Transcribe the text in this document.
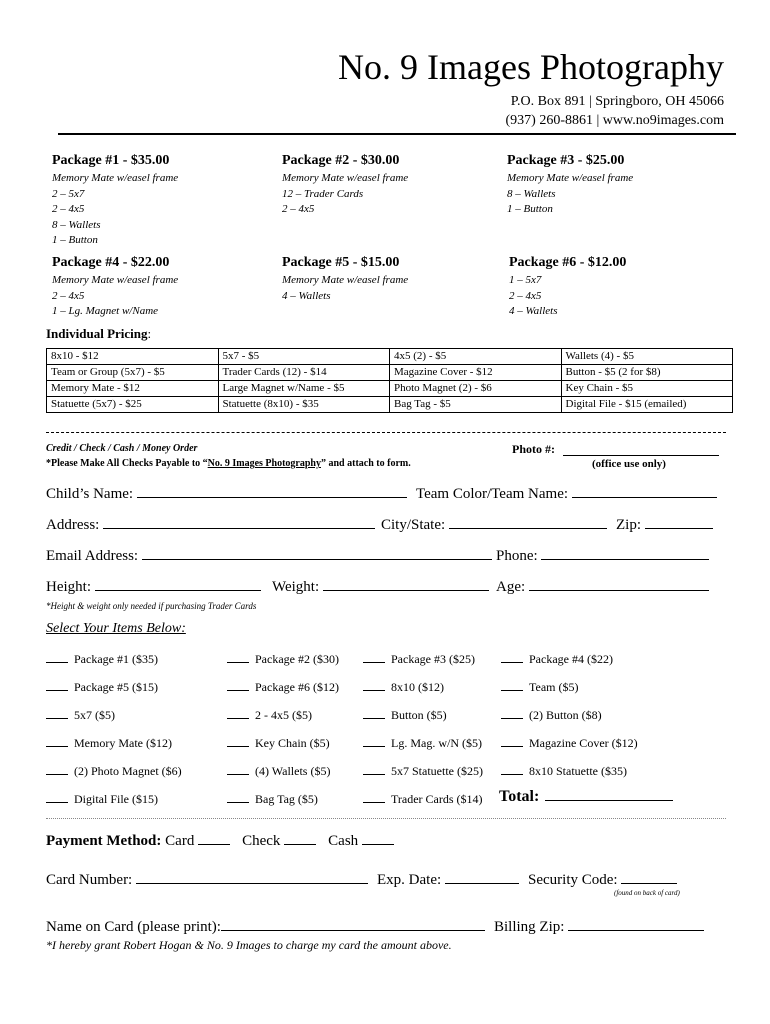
No. 9 Images Photography
P.O. Box 891 | Springboro, OH 45066
(937) 260-8861 | www.no9images.com
Package #1 - $35.00
Memory Mate w/easel frame
2 – 5x7
2 – 4x5
8 – Wallets
1 – Button
Package #2 - $30.00
Memory Mate w/easel frame
12 – Trader Cards
2 – 4x5
Package #3 - $25.00
Memory Mate w/easel frame
8 – Wallets
1 – Button
Package #4 - $22.00
Memory Mate w/easel frame
2 – 4x5
1 – Lg. Magnet w/Name
Package #5 - $15.00
Memory Mate w/easel frame
4 – Wallets
Package #6 - $12.00
1 – 5x7
2 – 4x5
4 – Wallets
Individual Pricing:
8x10 - $12	5x7 - $5	4x5 (2) - $5	Wallets (4) - $5
Team or Group (5x7) - $5	Trader Cards (12) - $14	Magazine Cover - $12	Button - $5 (2 for $8)
Memory Mate - $12	Large Magnet w/Name - $5	Photo Magnet (2) - $6	Key Chain - $5
Statuette (5x7) - $25	Statuette (8x10) - $35	Bag Tag - $5	Digital File - $15 (emailed)
Credit / Check / Cash / Money Order
*Please Make All Checks Payable to “No. 9 Images Photography” and attach to form.
Photo #:
(office use only)
Child’s Name:	Team Color/Team Name:
Address:	City/State:	Zip:
Email Address:	Phone:
Height:	Weight:	Age:
*Height & weight only needed if purchasing Trader Cards
Select Your Items Below:
Package #1 ($35)	Package #2 ($30)	Package #3 ($25)	Package #4 ($22)
Package #5 ($15)	Package #6 ($12)	8x10 ($12)	Team ($5)
5x7 ($5)	2 - 4x5 ($5)	Button ($5)	(2) Button ($8)
Memory Mate ($12)	Key Chain ($5)	Lg. Mag. w/N ($5)	Magazine Cover ($12)
(2) Photo Magnet ($6)	(4) Wallets ($5)	5x7 Statuette ($25)	8x10 Statuette ($35)
Digital File ($15)	Bag Tag ($5)	Trader Cards ($14) Total:
Payment Method: Card	Check	Cash
Card Number:	Exp. Date:	Security Code:
(found on back of card)
Name on Card (please print):	Billing Zip:
*I hereby grant Robert Hogan & No. 9 Images to charge my card the amount above.
